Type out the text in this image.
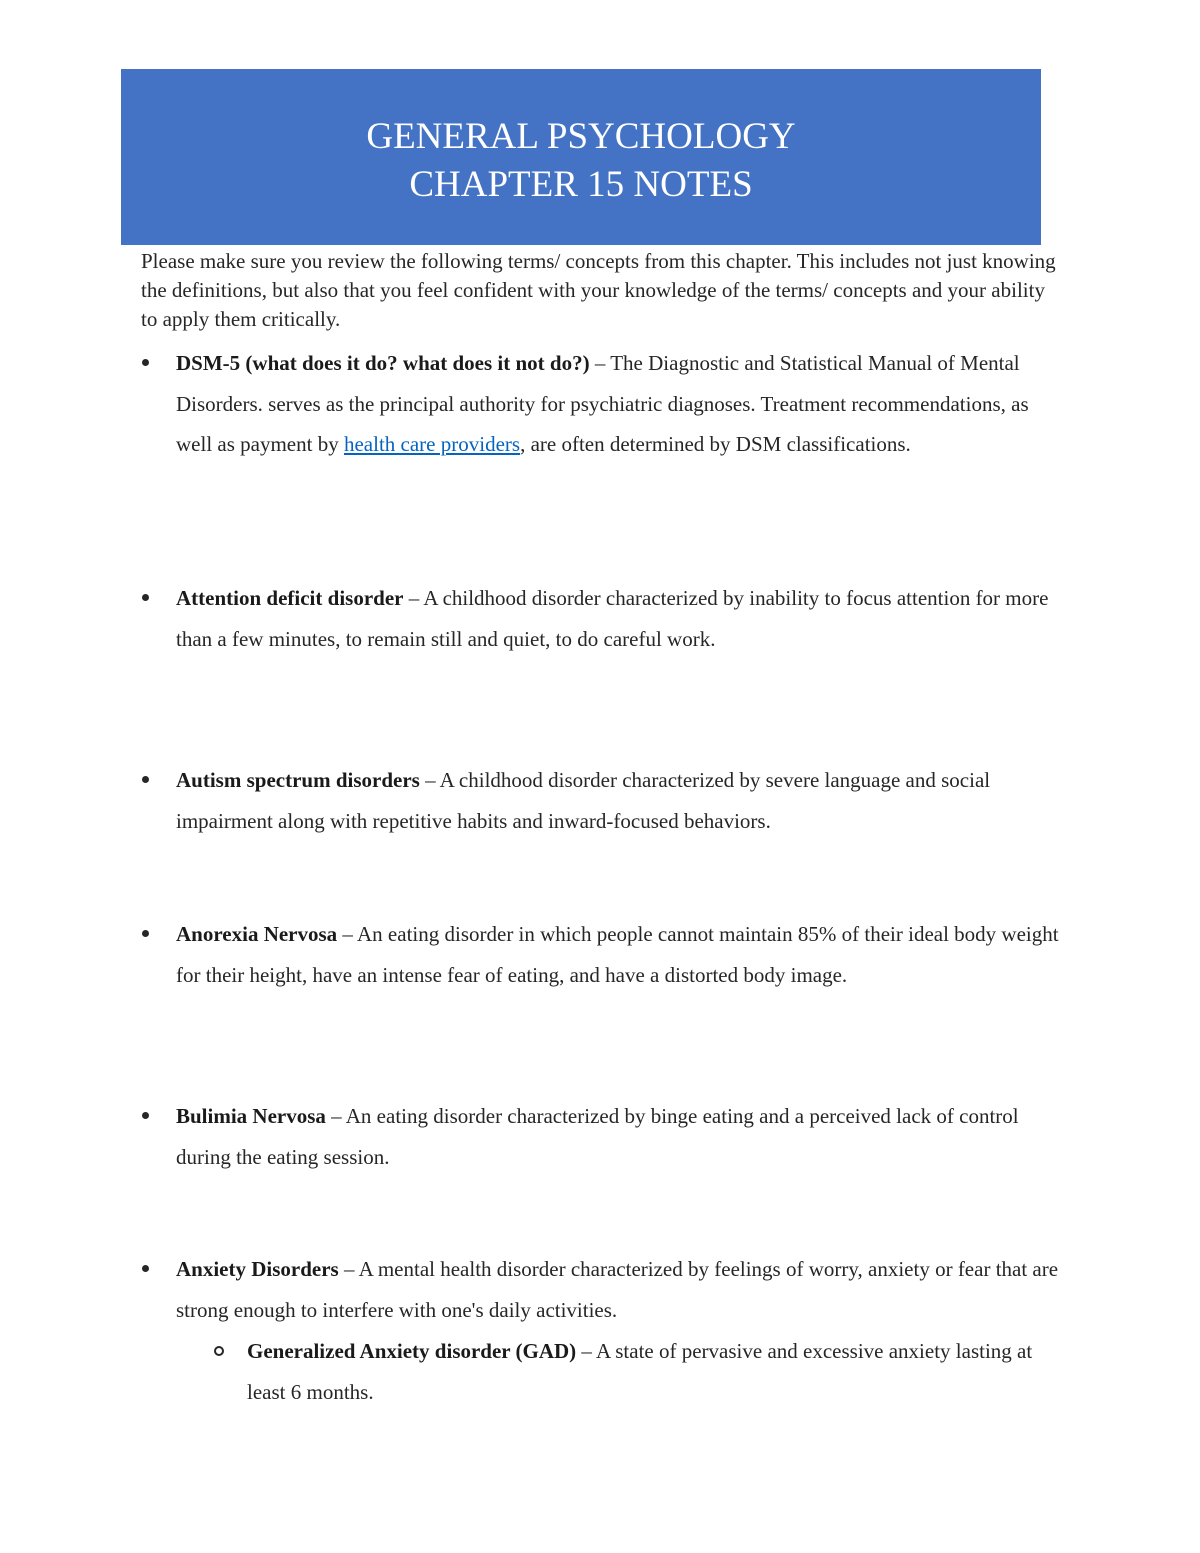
GENERAL PSYCHOLOGY
CHAPTER 15 NOTES

Please make sure you review the following terms/ concepts from this chapter. This includes not just knowing the definitions, but also that you feel confident with your knowledge of the terms/ concepts and your ability to apply them critically.

DSM-5 (what does it do? what does it not do?) – The Diagnostic and Statistical Manual of Mental Disorders. serves as the principal authority for psychiatric diagnoses. Treatment recommendations, as well as payment by health care providers, are often determined by DSM classifications.
Attention deficit disorder – A childhood disorder characterized by inability to focus attention for more than a few minutes, to remain still and quiet, to do careful work.
Autism spectrum disorders – A childhood disorder characterized by severe language and social impairment along with repetitive habits and inward-focused behaviors.
Anorexia Nervosa – An eating disorder in which people cannot maintain 85% of their ideal body weight for their height, have an intense fear of eating, and have a distorted body image.
Bulimia Nervosa – An eating disorder characterized by binge eating and a perceived lack of control during the eating session.
Anxiety Disorders – A mental health disorder characterized by feelings of worry, anxiety or fear that are strong enough to interfere with one's daily activities.
Generalized Anxiety disorder (GAD) – A state of pervasive and excessive anxiety lasting at least 6 months.
